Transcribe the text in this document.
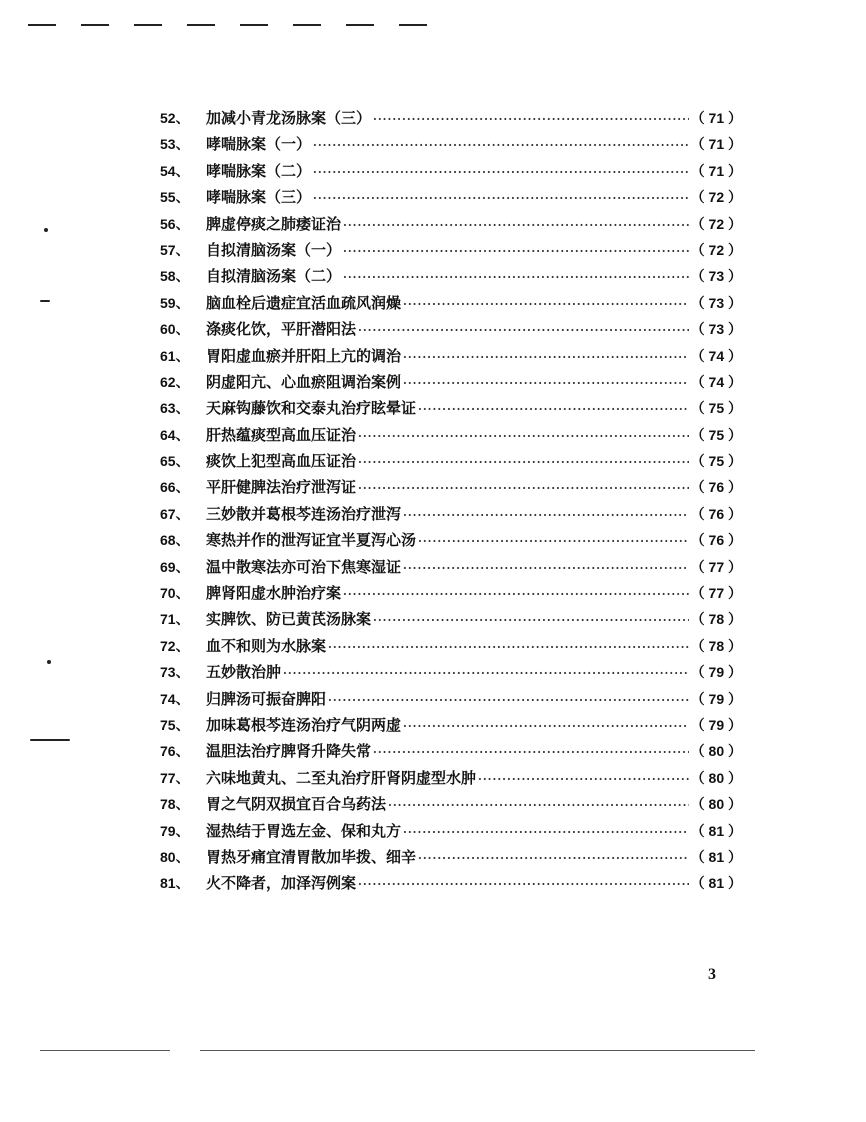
52、	加减小青龙汤脉案（三） ·····	（ 71 ）
53、	哮喘脉案（一） ·····	（ 71 ）
54、	哮喘脉案（二） ·····	（ 71 ）
55、	哮喘脉案（三） ·····	（ 72 ）
56、	脾虚停痰之肺痿证治 ·····	（ 72 ）
57、	自拟清脑汤案（一） ·····	（ 72 ）
58、	自拟清脑汤案（二） ·····	（ 73 ）
59、	脑血栓后遗症宜活血疏风润燥 ·····	（ 73 ）
60、	涤痰化饮，平肝潜阳法 ·····	（ 73 ）
61、	胃阳虚血瘀并肝阳上亢的调治 ·····	（ 74 ）
62、	阴虚阳亢、心血瘀阻调治案例 ·····	（ 74 ）
63、	天麻钩藤饮和交泰丸治疗眩晕证 ·····	（ 75 ）
64、	肝热蕴痰型高血压证治 ·····	（ 75 ）
65、	痰饮上犯型高血压证治 ·····	（ 75 ）
66、	平肝健脾法治疗泄泻证 ·····	（ 76 ）
67、	三妙散并葛根芩连汤治疗泄泻 ·····	（ 76 ）
68、	寒热并作的泄泻证宜半夏泻心汤 ·····	（ 76 ）
69、	温中散寒法亦可治下焦寒湿证 ·····	（ 77 ）
70、	脾肾阳虚水肿治疗案 ·····	（ 77 ）
71、	实脾饮、防已黄芪汤脉案 ·····	（ 78 ）
72、	血不和则为水脉案 ·····	（ 78 ）
73、	五妙散治肿 ·····	（ 79 ）
74、	归脾汤可振奋脾阳 ·····	（ 79 ）
75、	加味葛根芩连汤治疗气阴两虚 ·····	（ 79 ）
76、	温胆法治疗脾肾升降失常 ·····	（ 80 ）
77、	六味地黄丸、二至丸治疗肝肾阴虚型水肿 ·····	（ 80 ）
78、	胃之气阴双损宜百合乌药法 ·····	（ 80 ）
79、	湿热结于胃选左金、保和丸方 ·····	（ 81 ）
80、	胃热牙痛宜清胃散加毕拨、细辛 ·····	（ 81 ）
81、	火不降者，加泽泻例案 ·····	（ 81 ）
3
